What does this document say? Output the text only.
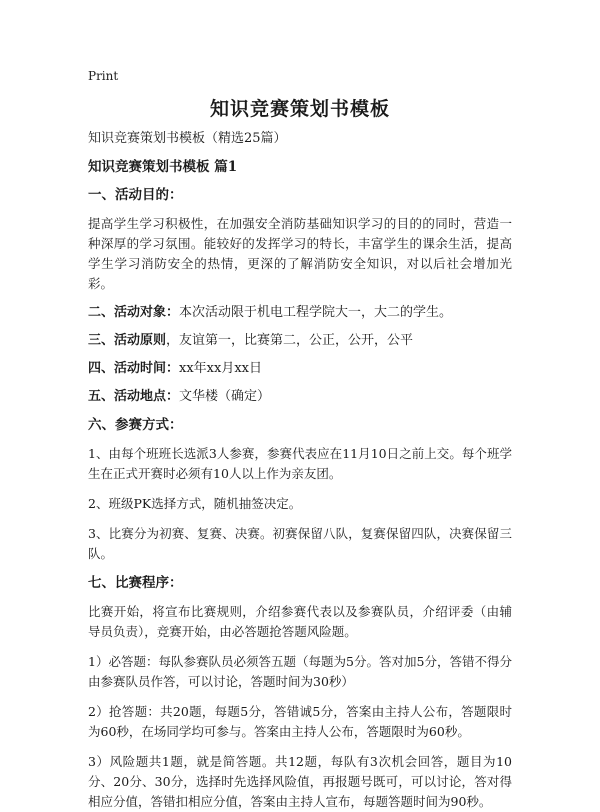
Print
知识竞赛策划书模板
知识竞赛策划书模板（精选25篇）
知识竞赛策划书模板 篇1
一、活动目的：
提高学生学习积极性，在加强安全消防基础知识学习的目的的同时，营造一种深厚的学习氛围。能较好的发挥学习的特长，丰富学生的课余生活，提高学生学习消防安全的热情，更深的了解消防安全知识，对以后社会增加光彩。
二、活动对象：本次活动限于机电工程学院大一，大二的学生。
三、活动原则，友谊第一，比赛第二，公正，公开，公平
四、活动时间：xx年xx月xx日
五、活动地点：文华楼（确定）
六、参赛方式：
1、由每个班班长选派3人参赛，参赛代表应在11月10日之前上交。每个班学生在正式开赛时必须有10人以上作为亲友团。
2、班级PK选择方式，随机抽签决定。
3、比赛分为初赛、复赛、决赛。初赛保留八队，复赛保留四队，决赛保留三队。
七、比赛程序：
比赛开始，将宣布比赛规则，介绍参赛代表以及参赛队员，介绍评委（由辅导员负责），竞赛开始，由必答题抢答题风险题。
1）必答题：每队参赛队员必须答五题（每题为5分。答对加5分，答错不得分由参赛队员作答，可以讨论，答题时间为30秒）
2）抢答题：共20题，每题5分，答错诚5分，答案由主持人公布，答题限时为60秒，在场同学均可参与。答案由主持人公布，答题限时为60秒。
3）风险题共1题，就是简答题。共12题，每队有3次机会回答，题目为10分、20分、30分，选择时先选择风险值，再报题号既可，可以讨论，答对得相应分值，答错扣相应分值，答案由主持人宣布，每题答题时间为90秒。
